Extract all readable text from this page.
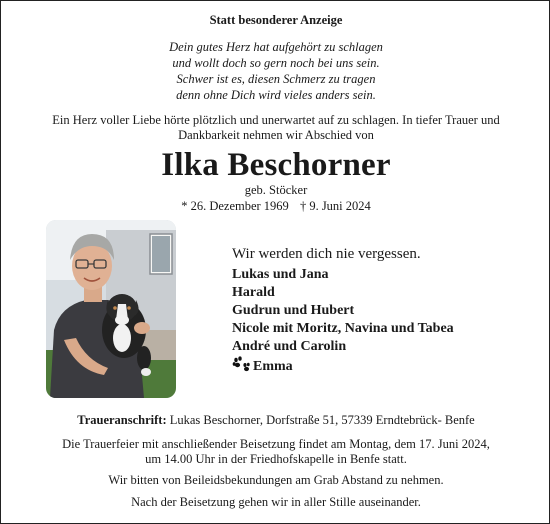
Statt besonderer Anzeige
Dein gutes Herz hat aufgehört zu schlagen
und wollt doch so gern noch bei uns sein.
Schwer ist es, diesen Schmerz zu tragen
denn ohne Dich wird vieles anders sein.
Ein Herz voller Liebe hörte plötzlich und unerwartet auf zu schlagen. In tiefer Trauer und
Dankbarkeit nehmen wir Abschied von
Ilka Beschorner
geb. Stöcker
* 26. Dezember 1969 † 9. Juni 2024
Wir werden dich nie vergessen.
Lukas und Jana
Harald
Gudrun und Hubert
Nicole mit Moritz, Navina und Tabea
André und Carolin
Emma
Traueranschrift: Lukas Beschorner, Dorfstraße 51, 57339 Erndtebrück- Benfe
Die Trauerfeier mit anschließender Beisetzung findet am Montag, dem 17. Juni 2024,
um 14.00 Uhr in der Friedhofskapelle in Benfe statt.
Wir bitten von Beileidsbekundungen am Grab Abstand zu nehmen.
Nach der Beisetzung gehen wir in aller Stille auseinander.
